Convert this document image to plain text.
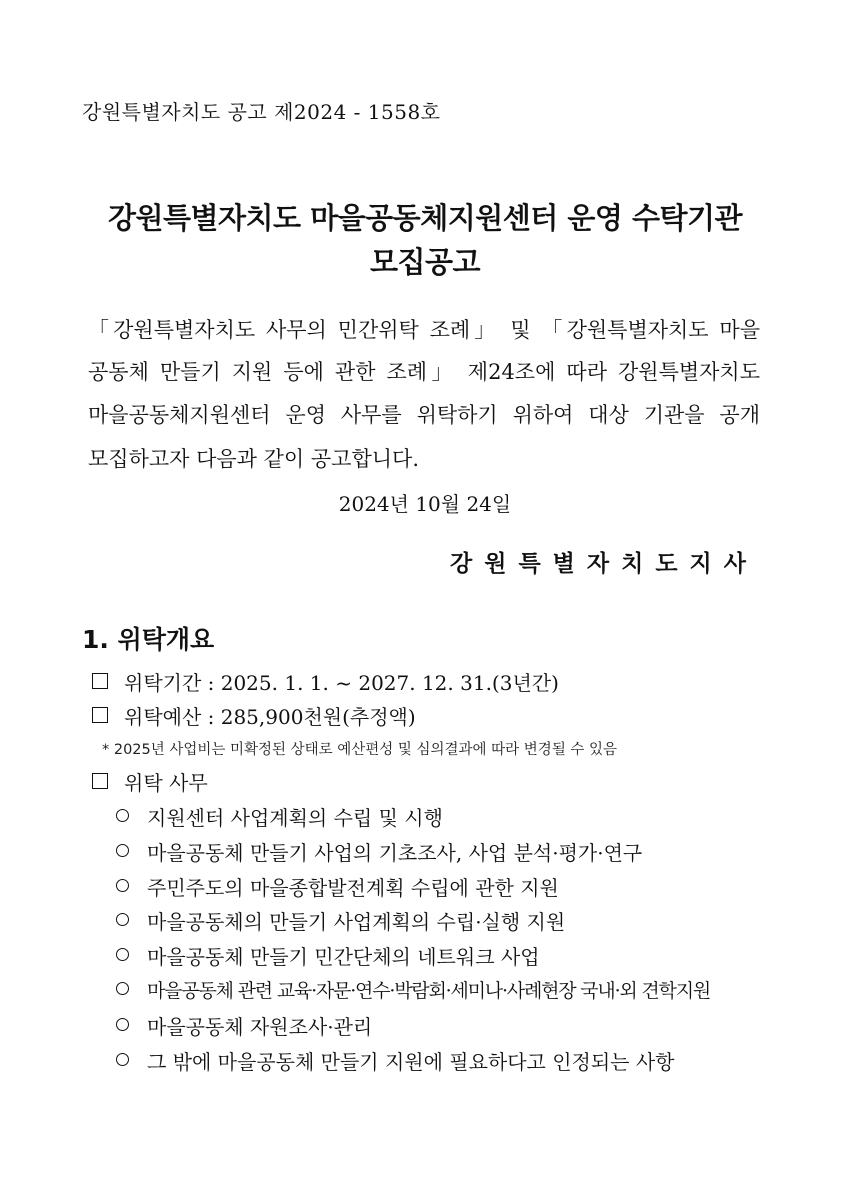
강원특별자치도 공고 제2024 - 1558호
강원특별자치도 마을공동체지원센터 운영 수탁기관
모집공고
「강원특별자치도 사무의 민간위탁 조례」 및 「강원특별자치도 마을
공동체 만들기 지원 등에 관한 조례」 제24조에 따라 강원특별자치도
마을공동체지원센터 운영 사무를 위탁하기 위하여 대상 기관을 공개
모집하고자 다음과 같이 공고합니다.
2024년 10월 24일
강원특별자치도지사
1. 위탁개요
위탁기간 : 2025. 1. 1. ~ 2027. 12. 31.(3년간)
위탁예산 : 285,900천원(추정액)
* 2025년 사업비는 미확정된 상태로 예산편성 및 심의결과에 따라 변경될 수 있음
위탁 사무
지원센터 사업계획의 수립 및 시행
마을공동체 만들기 사업의 기초조사, 사업 분석·평가·연구
주민주도의 마을종합발전계획 수립에 관한 지원
마을공동체의 만들기 사업계획의 수립·실행 지원
마을공동체 만들기 민간단체의 네트워크 사업
마을공동체 관련 교육·자문·연수·박람회·세미나·사례현장 국내·외 견학지원
마을공동체 자원조사·관리
그 밖에 마을공동체 만들기 지원에 필요하다고 인정되는 사항
